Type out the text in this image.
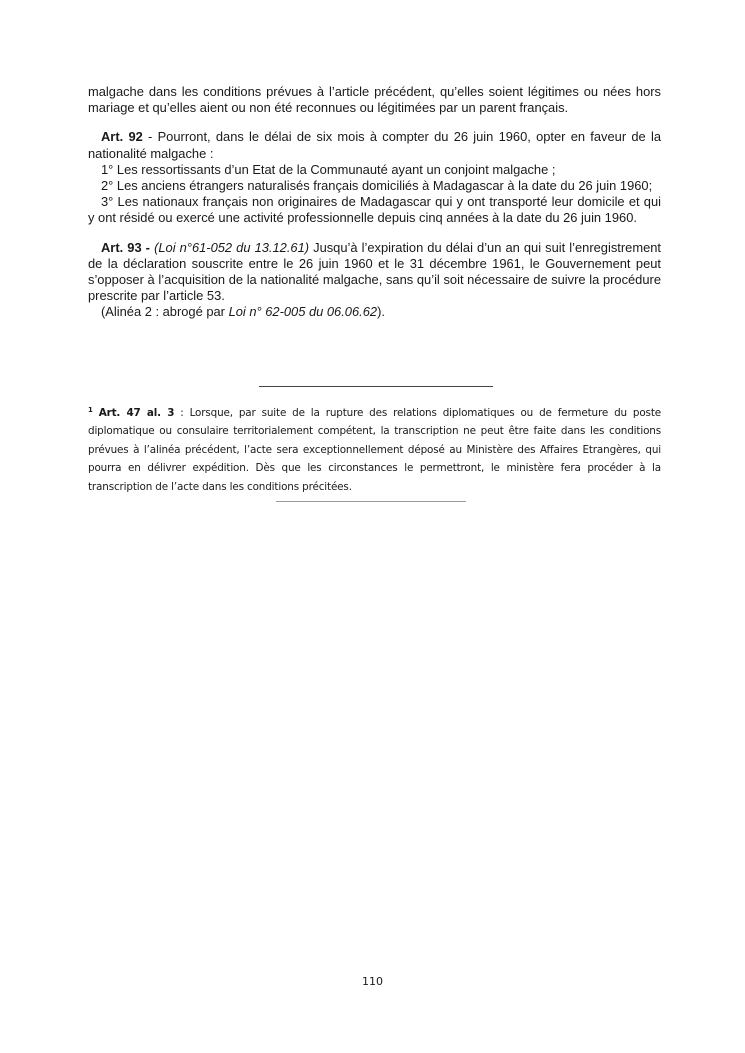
malgache dans les conditions prévues à l’article précédent, qu’elles soient légitimes ou nées hors mariage et qu’elles aient ou non été reconnues ou légitimées par un parent français.

Art. 92 - Pourront, dans le délai de six mois à compter du 26 juin 1960, opter en faveur de la nationalité malgache :

1° Les ressortissants d’un Etat de la Communauté ayant un conjoint malgache ;

2° Les anciens étrangers naturalisés français domiciliés à Madagascar à la date du 26 juin 1960;

3° Les nationaux français non originaires de Madagascar qui y ont transporté leur domicile et qui y ont résidé ou exercé une activité professionnelle depuis cinq années à la date du 26 juin 1960.

Art. 93 - (Loi n°61-052 du 13.12.61) Jusqu’à l’expiration du délai d’un an qui suit l’enregistrement de la déclaration souscrite entre le 26 juin 1960 et le 31 décembre 1961, le Gouvernement peut s’opposer à l’acquisition de la nationalité malgache, sans qu’il soit nécessaire de suivre la procédure prescrite par l’article 53.

(Alinéa 2 : abrogé par Loi n° 62-005 du 06.06.62).

$^1$ Art. 47 al. 3 : Lorsque, par suite de la rupture des relations diplomatiques ou de fermeture du poste diplomatique ou consulaire territorialement compétent, la transcription ne peut être faite dans les conditions prévues à l’alinéa précédent, l’acte sera exceptionnellement déposé au Ministère des Affaires Etrangères, qui pourra en délivrer expédition. Dès que les circonstances le permettront, le ministère fera procéder à la transcription de l’acte dans les conditions précitées.
110
